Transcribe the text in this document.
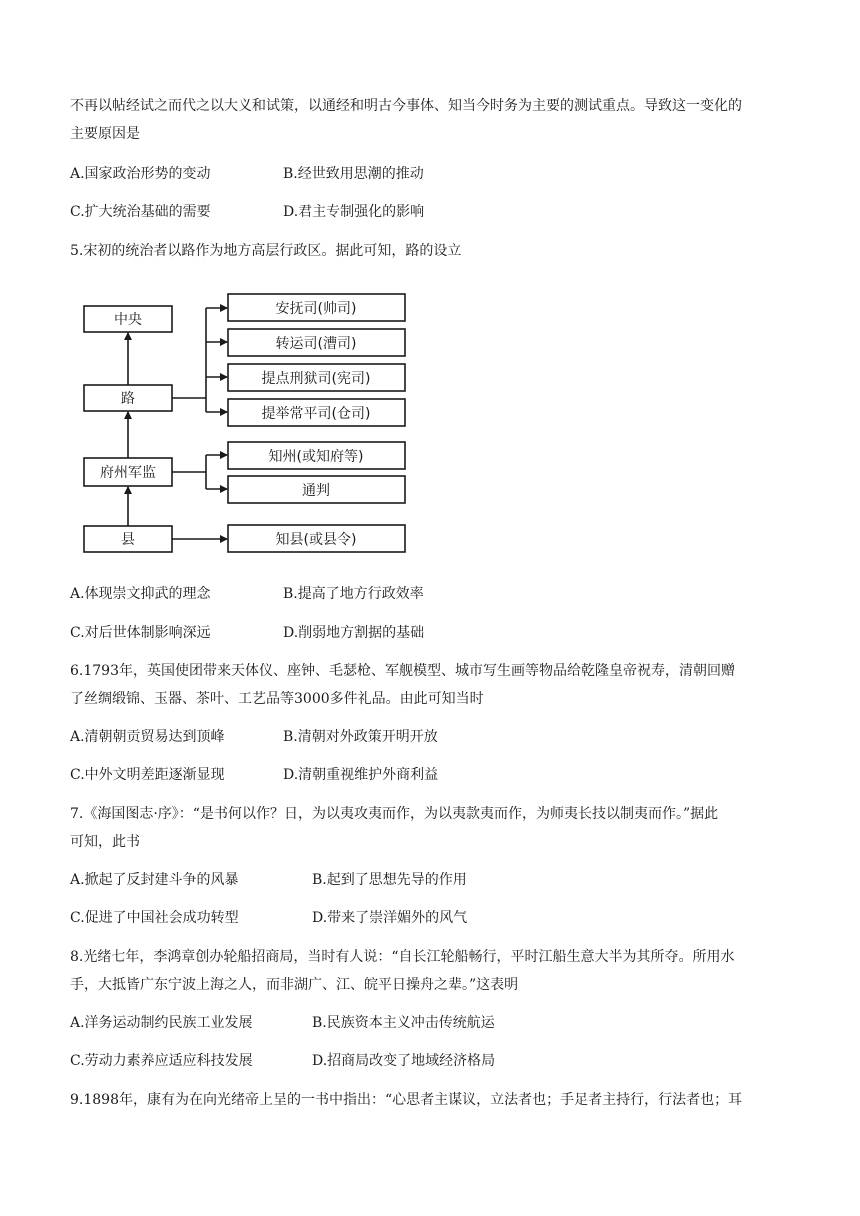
不再以帖经试之而代之以大义和试策，以通经和明古今事体、知当今时务为主要的测试重点。导致这一变化的

主要原因是

A.国家政治形势的变动	B.经世致用思潮的推动

C.扩大统治基础的需要	D.君主专制强化的影响

5.宋初的统治者以路作为地方高层行政区。据此可知，路的设立

中央
路
府州军监
县
安抚司(帅司)
转运司(漕司)
提点刑狱司(宪司)
提举常平司(仓司)
知州(或知府等)
通判
知县(或县令)

A.体现崇文抑武的理念	B.提高了地方行政效率

C.对后世体制影响深远	D.削弱地方割据的基础

6.1793年，英国使团带来天体仪、座钟、毛瑟枪、军舰模型、城市写生画等物品给乾隆皇帝祝寿，清朝回赠

了丝绸缎锦、玉器、茶叶、工艺品等3000多件礼品。由此可知当时

A.清朝朝贡贸易达到顶峰	B.清朝对外政策开明开放

C.中外文明差距逐渐显现	D.清朝重视维护外商利益

7.《海国图志·序》：“是书何以作？日，为以夷攻夷而作，为以夷款夷而作，为师夷长技以制夷而作。”据此

可知，此书

A.掀起了反封建斗争的风暴	B.起到了思想先导的作用

C.促进了中国社会成功转型	D.带来了崇洋媚外的风气

8.光绪七年，李鸿章创办轮船招商局，当时有人说：“自长江轮船畅行，平时江船生意大半为其所夺。所用水

手，大抵皆广东宁波上海之人，而非湖广、江、皖平日操舟之辈。”这表明

A.洋务运动制约民族工业发展	B.民族资本主义冲击传统航运

C.劳动力素养应适应科技发展	D.招商局改变了地域经济格局

9.1898年，康有为在向光绪帝上呈的一书中指出：“心思者主谋议，立法者也；手足者主持行，行法者也；耳
